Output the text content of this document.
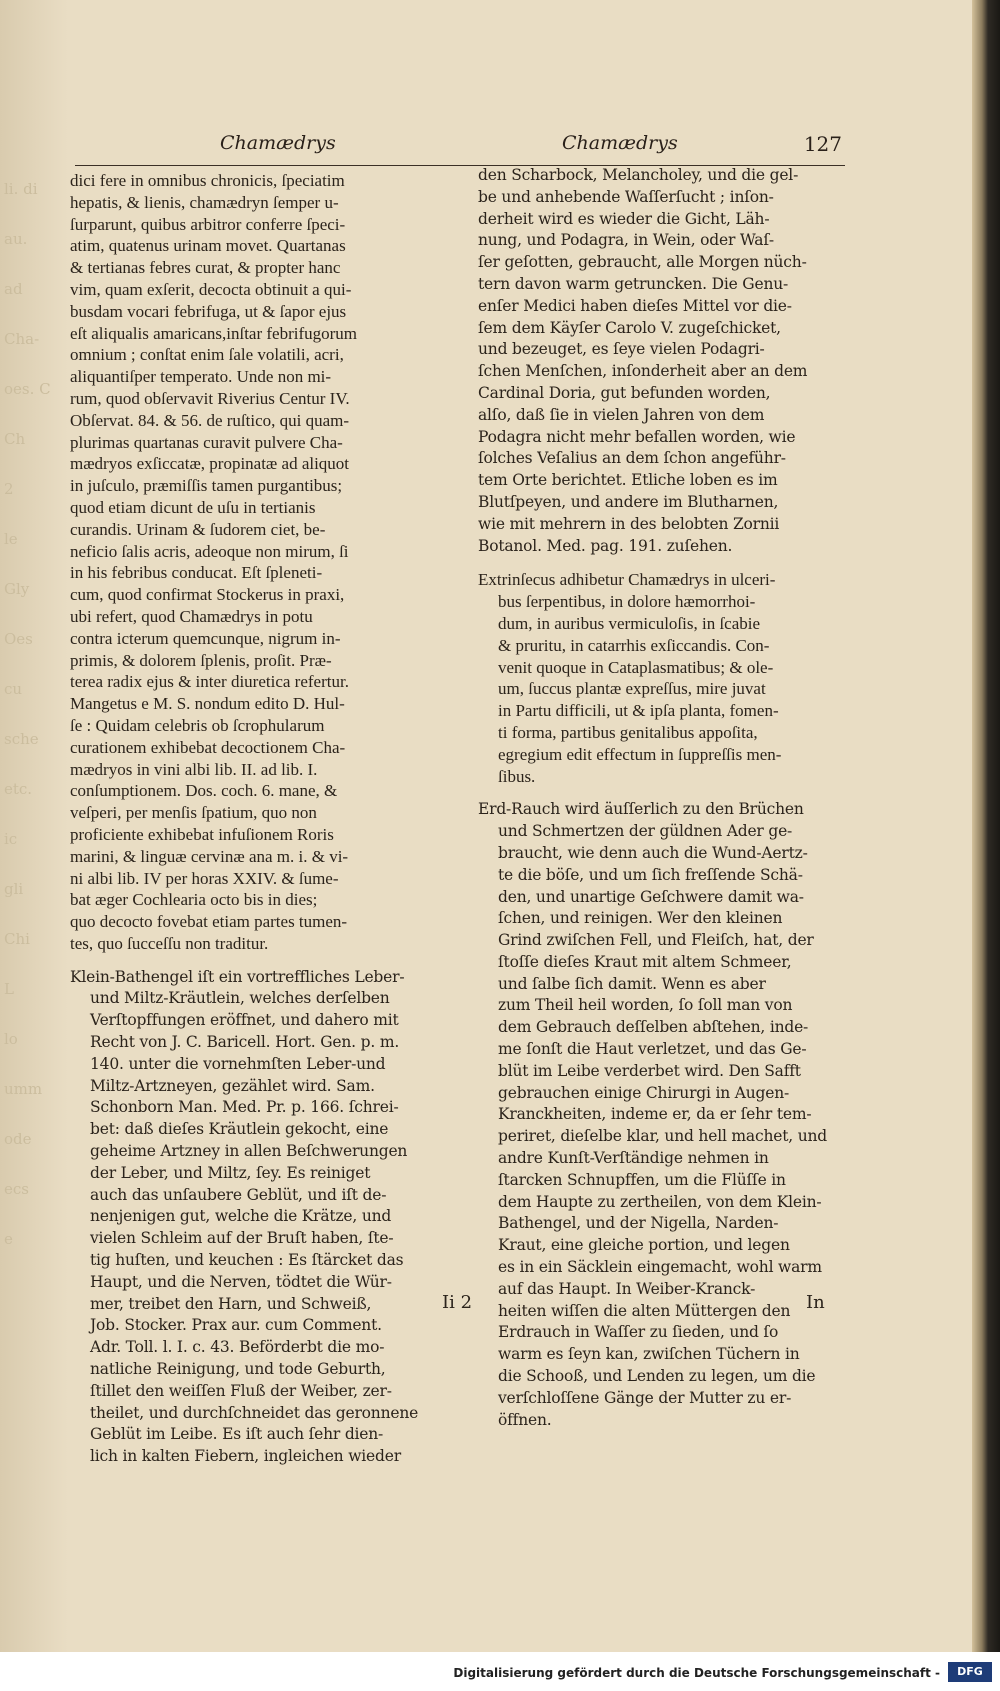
li. di
au.
ad
Cha-
oes. C
Ch
2
le
Gly
Oes
cu
sche
etc.
ic
gli
Chi
L
lo
umm
ode
ecs
e
Chamædrys	Chamædrys	127
dici fere in omnibus chronicis, ſpeciatim
hepatis, & lienis, chamædryn ſemper u-
ſurparunt, quibus arbitror conferre ſpeci-
atim, quatenus urinam movet. Quartanas
& tertianas febres curat, & propter hanc
vim, quam exſerit, decocta obtinuit a qui-
busdam vocari febrifuga, ut & ſapor ejus
eſt aliqualis amaricans,inſtar febrifugorum
omnium ; conſtat enim ſale volatili, acri,
aliquantiſper temperato. Unde non mi-
rum, quod obſervavit Riverius Centur IV.
Obſervat. 84. & 56. de ruſtico, qui quam-
plurimas quartanas curavit pulvere Cha-
mædryos exſiccatæ, propinatæ ad aliquot
in juſculo, præmiſſis tamen purgantibus;
quod etiam dicunt de uſu in tertianis
curandis. Urinam & ſudorem ciet, be-
neficio ſalis acris, adeoque non mirum, ſi
in his febribus conducat. Eſt ſpleneti-
cum, quod confirmat Stockerus in praxi,
ubi refert, quod Chamædrys in potu
contra icterum quemcunque, nigrum in-
primis, & dolorem ſplenis, proſit. Præ-
terea radix ejus & inter diuretica refertur.
Mangetus e M. S. nondum edito D. Hul-
ſe : Quidam celebris ob ſcrophularum
curationem exhibebat decoctionem Cha-
mædryos in vini albi lib. II. ad lib. I.
conſumptionem. Dos. coch. 6. mane, &
veſperi, per menſis ſpatium, quo non
proficiente exhibebat infuſionem Roris
marini, & linguæ cervinæ ana m. i. & vi-
ni albi lib. IV per horas XXIV. & ſume-
bat æger Cochlearia octo bis in dies;
quo decocto fovebat etiam partes tumen-
tes, quo ſucceſſu non traditur.
Klein-Bathengel iſt ein vortreffliches Leber-
und Miltz-Kräutlein, welches derſelben
Verſtopffungen eröffnet, und dahero mit
Recht von J. C. Baricell. Hort. Gen. p. m.
140. unter die vornehmſten Leber-und
Miltz-Artzneyen, gezählet wird. Sam.
Schonborn Man. Med. Pr. p. 166. ſchrei-
bet: daß dieſes Kräutlein gekocht, eine
geheime Artzney in allen Beſchwerungen
der Leber, und Miltz, ſey. Es reiniget
auch das unſaubere Geblüt, und iſt de-
nenjenigen gut, welche die Krätze, und
vielen Schleim auf der Bruſt haben, ſte-
tig huſten, und keuchen : Es ſtärcket das
Haupt, und die Nerven, tödtet die Wür-
mer, treibet den Harn, und Schweiß,
Job. Stocker. Prax aur. cum Comment.
Adr. Toll. l. I. c. 43. Beförderbt die mo-
natliche Reinigung, und tode Geburth,
ſtillet den weiſſen Fluß der Weiber, zer-
theilet, und durchſchneidet das geronnene
Geblüt im Leibe. Es iſt auch ſehr dien-
lich in kalten Fiebern, ingleichen wieder
den Scharbock, Melancholey, und die gel-
be und anhebende Waſſerſucht ; inſon-
derheit wird es wieder die Gicht, Läh-
nung, und Podagra, in Wein, oder Waſ-
ſer geſotten, gebraucht, alle Morgen nüch-
tern davon warm getruncken. Die Genu-
enſer Medici haben dieſes Mittel vor die-
ſem dem Käyſer Carolo V. zugeſchicket,
und bezeuget, es ſeye vielen Podagri-
ſchen Menſchen, inſonderheit aber an dem
Cardinal Doria, gut befunden worden,
alſo, daß ſie in vielen Jahren von dem
Podagra nicht mehr befallen worden, wie
ſolches Veſalius an dem ſchon angeführ-
tem Orte berichtet. Etliche loben es im
Blutſpeyen, und andere im Blutharnen,
wie mit mehrern in des belobten Zornii
Botanol. Med. pag. 191. zuſehen.
Extrinſecus adhibetur Chamædrys in ulceri-
bus ſerpentibus, in dolore hæmorrhoi-
dum, in auribus vermiculoſis, in ſcabie
& pruritu, in catarrhis exſiccandis. Con-
venit quoque in Cataplasmatibus; & ole-
um, ſuccus plantæ expreſſus, mire juvat
in Partu difficili, ut & ipſa planta, fomen-
ti forma, partibus genitalibus appoſita,
egregium edit effectum in ſuppreſſis men-
ſibus.
Erd-Rauch wird äuſſerlich zu den Brüchen
und Schmertzen der güldnen Ader ge-
braucht, wie denn auch die Wund-Aertz-
te die böſe, und um ſich freſſende Schä-
den, und unartige Geſchwere damit wa-
ſchen, und reinigen. Wer den kleinen
Grind zwiſchen Fell, und Fleiſch, hat, der
ſtoſſe dieſes Kraut mit altem Schmeer,
und ſalbe ſich damit. Wenn es aber
zum Theil heil worden, ſo ſoll man von
dem Gebrauch deſſelben abſtehen, inde-
me ſonſt die Haut verletzet, und das Ge-
blüt im Leibe verderbet wird. Den Safft
gebrauchen einige Chirurgi in Augen-
Kranckheiten, indeme er, da er ſehr tem-
periret, dieſelbe klar, und hell machet, und
andre Kunſt-Verſtändige nehmen in
ſtarcken Schnupffen, um die Flüſſe in
dem Haupte zu zertheilen, von dem Klein-
Bathengel, und der Nigella, Narden-
Kraut, eine gleiche portion, und legen
es in ein Säcklein eingemacht, wohl warm
auf das Haupt. In Weiber-Kranck-
heiten wiſſen die alten Müttergen den
Erdrauch in Waſſer zu ſieden, und ſo
warm es ſeyn kan, zwiſchen Tüchern in
die Schooß, und Lenden zu legen, um die
verſchloſſene Gänge der Mutter zu er-
öffnen.
Ii 2	In
Digitalisierung gefördert durch die Deutsche Forschungsgemeinschaft -	DFG
